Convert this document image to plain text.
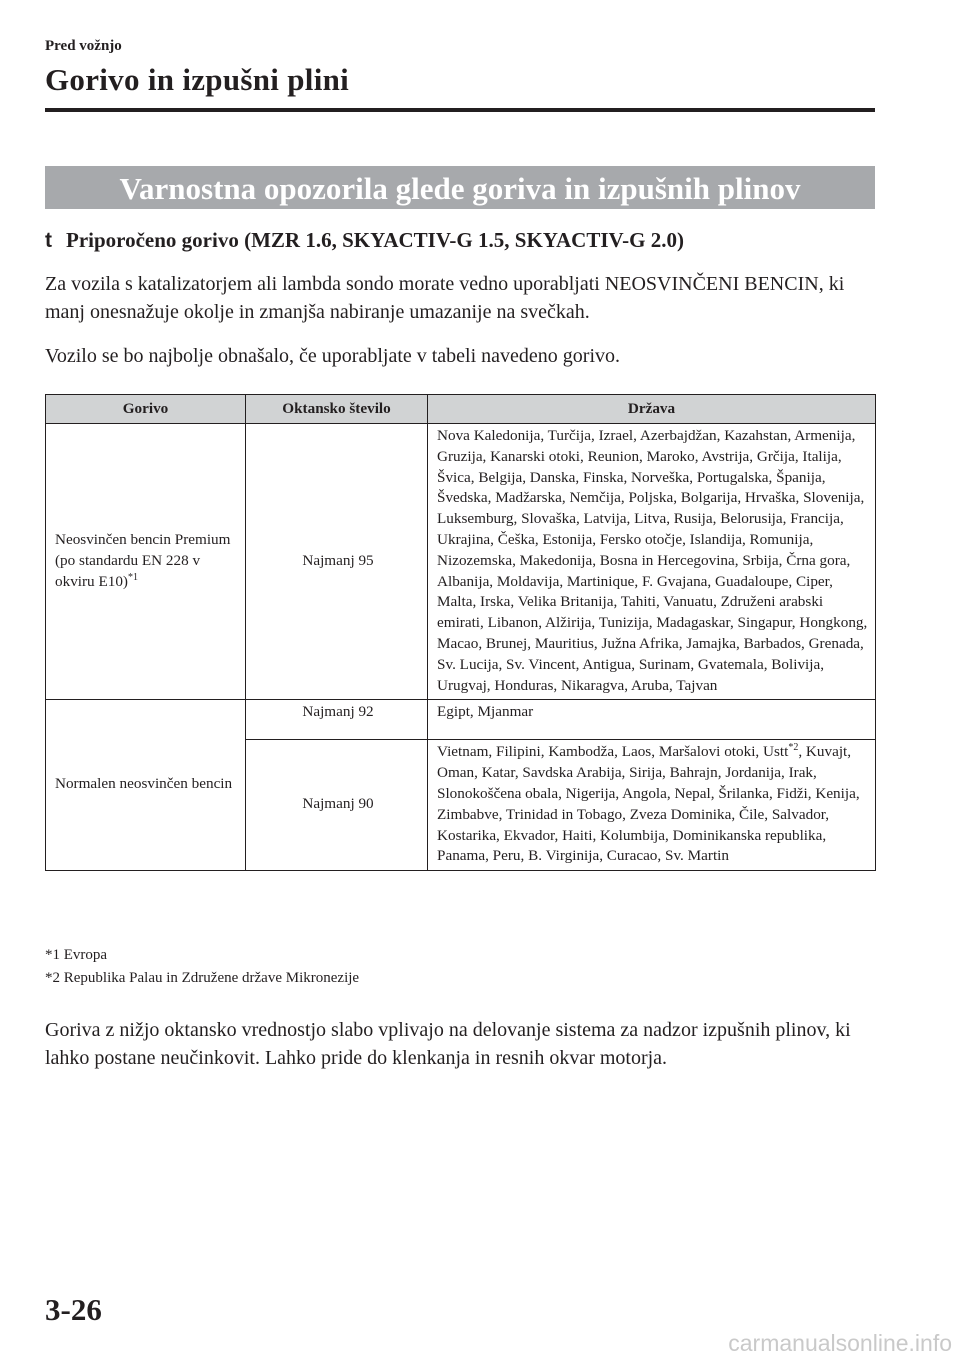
Pred vožnjo
Gorivo in izpušni plini
Varnostna opozorila glede goriva in izpušnih plinov
t Priporočeno gorivo (MZR 1.6, SKYACTIV-G 1.5, SKYACTIV-G 2.0)
Za vozila s katalizatorjem ali lambda sondo morate vedno uporabljati NEOSVINČENI BENCIN, ki manj onesnažuje okolje in zmanjša nabiranje umazanije na svečkah.
Vozilo se bo najbolje obnašalo, če uporabljate v tabeli navedeno gorivo.
Gorivo	Oktansko število	Država
Neosvinčen bencin Premium (po standardu EN 228 v okviru E10)$^{*1}$	Najmanj 95	Nova Kaledonija, Turčija, Izrael, Azerbajdžan, Kazahstan, Armenija, Gruzija, Kanarski otoki, Reunion, Maroko, Avstrija, Grčija, Italija, Švica, Belgija, Danska, Finska, Norveška, Portugalska, Španija, Švedska, Madžarska, Nemčija, Poljska, Bolgarija, Hrvaška, Slovenija, Luksemburg, Slovaška, Latvija, Litva, Rusija, Belorusija, Francija, Ukrajina, Češka, Estonija, Fersko otočje, Islandija, Romunija, Nizozemska, Makedonija, Bosna in Hercegovina, Srbija, Črna gora, Albanija, Moldavija, Martinique, F. Gvajana, Guadaloupe, Ciper, Malta, Irska, Velika Britanija, Tahiti, Vanuatu, Združeni arabski emirati, Libanon, Alžirija, Tunizija, Madagaskar, Singapur, Hongkong, Macao, Brunej, Mauritius, Južna Afrika, Jamajka, Barbados, Grenada, Sv. Lucija, Sv. Vincent, Antigua, Surinam, Gvatemala, Bolivija, Urugvaj, Honduras, Nikaragva, Aruba, Tajvan
Normalen neosvinčen bencin	Najmanj 92	Egipt, Mjanmar
	Najmanj 90	Vietnam, Filipini, Kambodža, Laos, Maršalovi otoki, Ustt$^{*2}$, Kuvajt, Oman, Katar, Savdska Arabija, Sirija, Bahrajn, Jordanija, Irak, Slonokoščena obala, Nigerija, Angola, Nepal, Šrilanka, Fidži, Kenija, Zimbabve, Trinidad in Tobago, Zveza Dominika, Čile, Salvador, Kostarika, Ekvador, Haiti, Kolumbija, Dominikanska republika, Panama, Peru, B. Virginija, Curacao, Sv. Martin
*1 Evropa
*2 Republika Palau in Združene države Mikronezije
Goriva z nižjo oktansko vrednostjo slabo vplivajo na delovanje sistema za nadzor izpušnih plinov, ki lahko postane neučinkovit. Lahko pride do klenkanja in resnih okvar motorja.
3-26
carmanualsonline.info
